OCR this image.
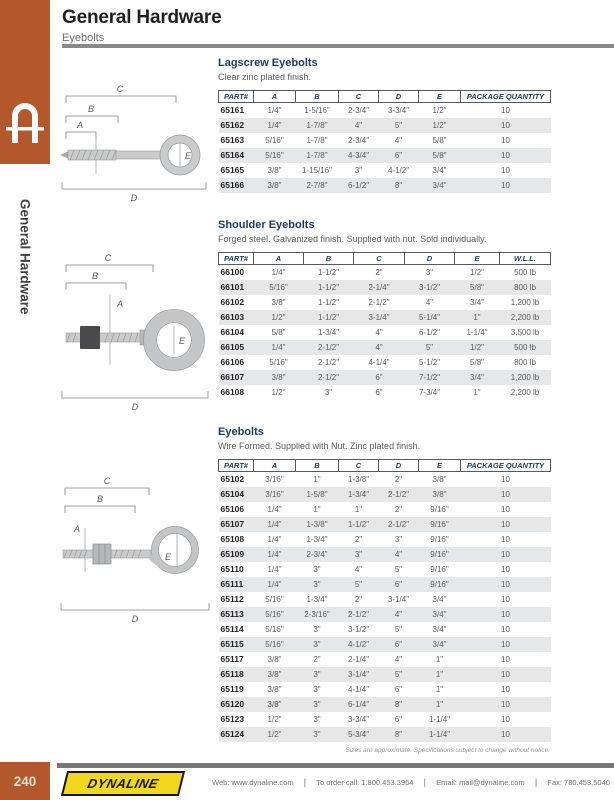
General Hardware
General Hardware
Eyebolts
C
B
A
D
E
C
B
A
D
E
C
B
A
D
E
Lagscrew Eyebolts
Clear zinc plated finish.
PART#	A	B	C	D	E	PACKAGE QUANTITY
65161	1/4"	1-5/16"	2-3/4"	3-3/4"	1/2"	10
65162	1/4"	1-7/8"	4"	5"	1/2"	10
65163	5/16"	1-7/8"	2-3/4"	4"	5/8"	10
65164	5/16"	1-7/8"	4-3/4"	6"	5/8"	10
65165	3/8"	1-15/16"	3"	4-1/2"	3/4"	10
65166	3/8"	2-7/8"	6-1/2"	8"	3/4"	10
Shoulder Eyebolts
Forged steel. Galvanized finish. Supplied with nut. Sold individually.
PART#	A	B	C	D	E	W.L.L.
66100	1/4"	1-1/2"	2"	3"	1/2"	500 lb
66101	5/16"	1-1/2"	2-1/4"	3-1/2"	5/8"	800 lb
66102	3/8"	1-1/2"	2-1/2"	4"	3/4"	1,200 lb
66103	1/2"	1-1/2"	3-1/4"	5-1/4"	1"	2,200 lb
66104	5/8"	1-3/4"	4"	6-1/2"	1-1/4"	3,500 lb
66105	1/4"	2-1/2"	4"	5"	1/2"	500 lb
66106	5/16"	2-1/2"	4-1/4"	5-1/2"	5/8"	800 lb
66107	3/8"	2-1/2"	6"	7-1/2"	3/4"	1,200 lb
66108	1/2"	3"	6"	7-3/4"	1"	2,200 lb
Eyebolts
Wire Formed. Supplied with Nut. Zinc plated finish.
PART#	A	B	C	D	E	PACKAGE QUANTITY
65102	3/16"	1"	1-3/8"	2"	3/8"	10
65104	3/16"	1-5/8"	1-3/4"	2-1/2"	3/8"	10
65106	1/4"	1"	1"	2"	9/16"	10
65107	1/4"	1-3/8"	1-1/2"	2-1/2"	9/16"	10
65108	1/4"	1-3/4"	2"	3"	9/16"	10
65109	1/4"	2-3/4"	3"	4"	9/16"	10
65110	1/4"	3"	4"	5"	9/16"	10
65111	1/4"	3"	5"	6"	9/16"	10
65112	5/16"	1-3/4"	2"	3-1/4"	3/4"	10
65113	5/16"	2-3/16"	2-1/2"	4"	3/4"	10
65114	5/16"	3"	3-1/2"	5"	3/4"	10
65115	5/16"	3"	4-1/2"	6"	3/4"	10
65117	3/8"	2"	2-1/4"	4"	1"	10
65118	3/8"	3"	3-1/4"	5"	1"	10
65119	3/8"	3"	4-1/4"	6"	1"	10
65120	3/8"	3"	6-1/4"	8"	1"	10
65123	1/2"	3"	3-3/4"	6"	1-1/4"	10
65124	1/2"	3"	5-3/4"	8"	1-1/4"	10
Sizes are approximate. Specifications subject to change without notice.
240	DYNALINE	Web: www.dynaline.com | To order call: 1.800.453.3964 | Email: mail@dynaline.com | Fax: 780.453.5040
